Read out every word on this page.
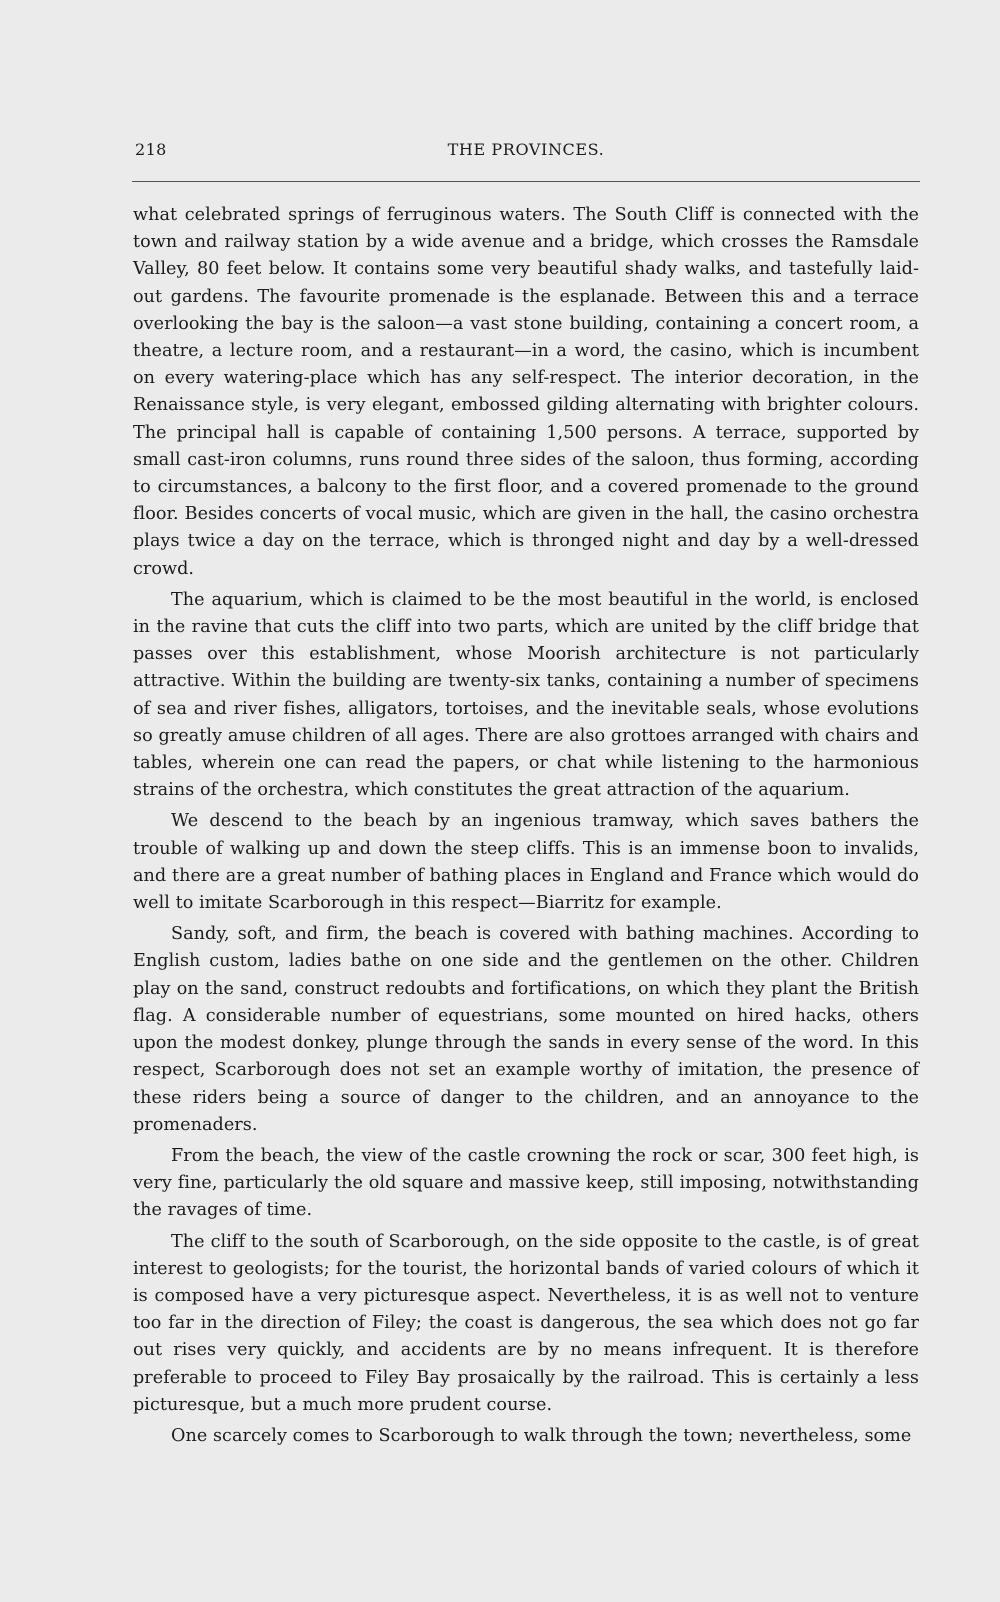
218	THE PROVINCES.

what celebrated springs of ferruginous waters. The South Cliff is connected with the town and railway station by a wide avenue and a bridge, which crosses the Ramsdale Valley, 80 feet below. It contains some very beautiful shady walks, and tastefully laid-out gardens. The favourite promenade is the esplanade. Between this and a terrace overlooking the bay is the saloon—a vast stone building, containing a concert room, a theatre, a lecture room, and a restaurant—in a word, the casino, which is incumbent on every watering-place which has any self-respect. The interior decoration, in the Renaissance style, is very elegant, embossed gilding alternating with brighter colours. The principal hall is capable of containing 1,500 persons. A terrace, supported by small cast-iron columns, runs round three sides of the saloon, thus forming, according to circumstances, a balcony to the first floor, and a covered promenade to the ground floor. Besides concerts of vocal music, which are given in the hall, the casino orchestra plays twice a day on the terrace, which is thronged night and day by a well-dressed crowd.

The aquarium, which is claimed to be the most beautiful in the world, is enclosed in the ravine that cuts the cliff into two parts, which are united by the cliff bridge that passes over this establishment, whose Moorish architecture is not particularly attractive. Within the building are twenty-six tanks, containing a number of specimens of sea and river fishes, alligators, tortoises, and the inevitable seals, whose evolutions so greatly amuse children of all ages. There are also grottoes arranged with chairs and tables, wherein one can read the papers, or chat while listening to the harmonious strains of the orchestra, which constitutes the great attraction of the aquarium.

We descend to the beach by an ingenious tramway, which saves bathers the trouble of walking up and down the steep cliffs. This is an immense boon to invalids, and there are a great number of bathing places in England and France which would do well to imitate Scarborough in this respect—Biarritz for example.

Sandy, soft, and firm, the beach is covered with bathing machines. According to English custom, ladies bathe on one side and the gentlemen on the other. Children play on the sand, construct redoubts and fortifications, on which they plant the British flag. A considerable number of equestrians, some mounted on hired hacks, others upon the modest donkey, plunge through the sands in every sense of the word. In this respect, Scarborough does not set an example worthy of imitation, the presence of these riders being a source of danger to the children, and an annoyance to the promenaders.

From the beach, the view of the castle crowning the rock or scar, 300 feet high, is very fine, particularly the old square and massive keep, still imposing, notwithstanding the ravages of time.

The cliff to the south of Scarborough, on the side opposite to the castle, is of great interest to geologists; for the tourist, the horizontal bands of varied colours of which it is composed have a very picturesque aspect. Nevertheless, it is as well not to venture too far in the direction of Filey; the coast is dangerous, the sea which does not go far out rises very quickly, and accidents are by no means infrequent. It is therefore preferable to proceed to Filey Bay prosaically by the railroad. This is certainly a less picturesque, but a much more prudent course.

One scarcely comes to Scarborough to walk through the town; nevertheless, some
